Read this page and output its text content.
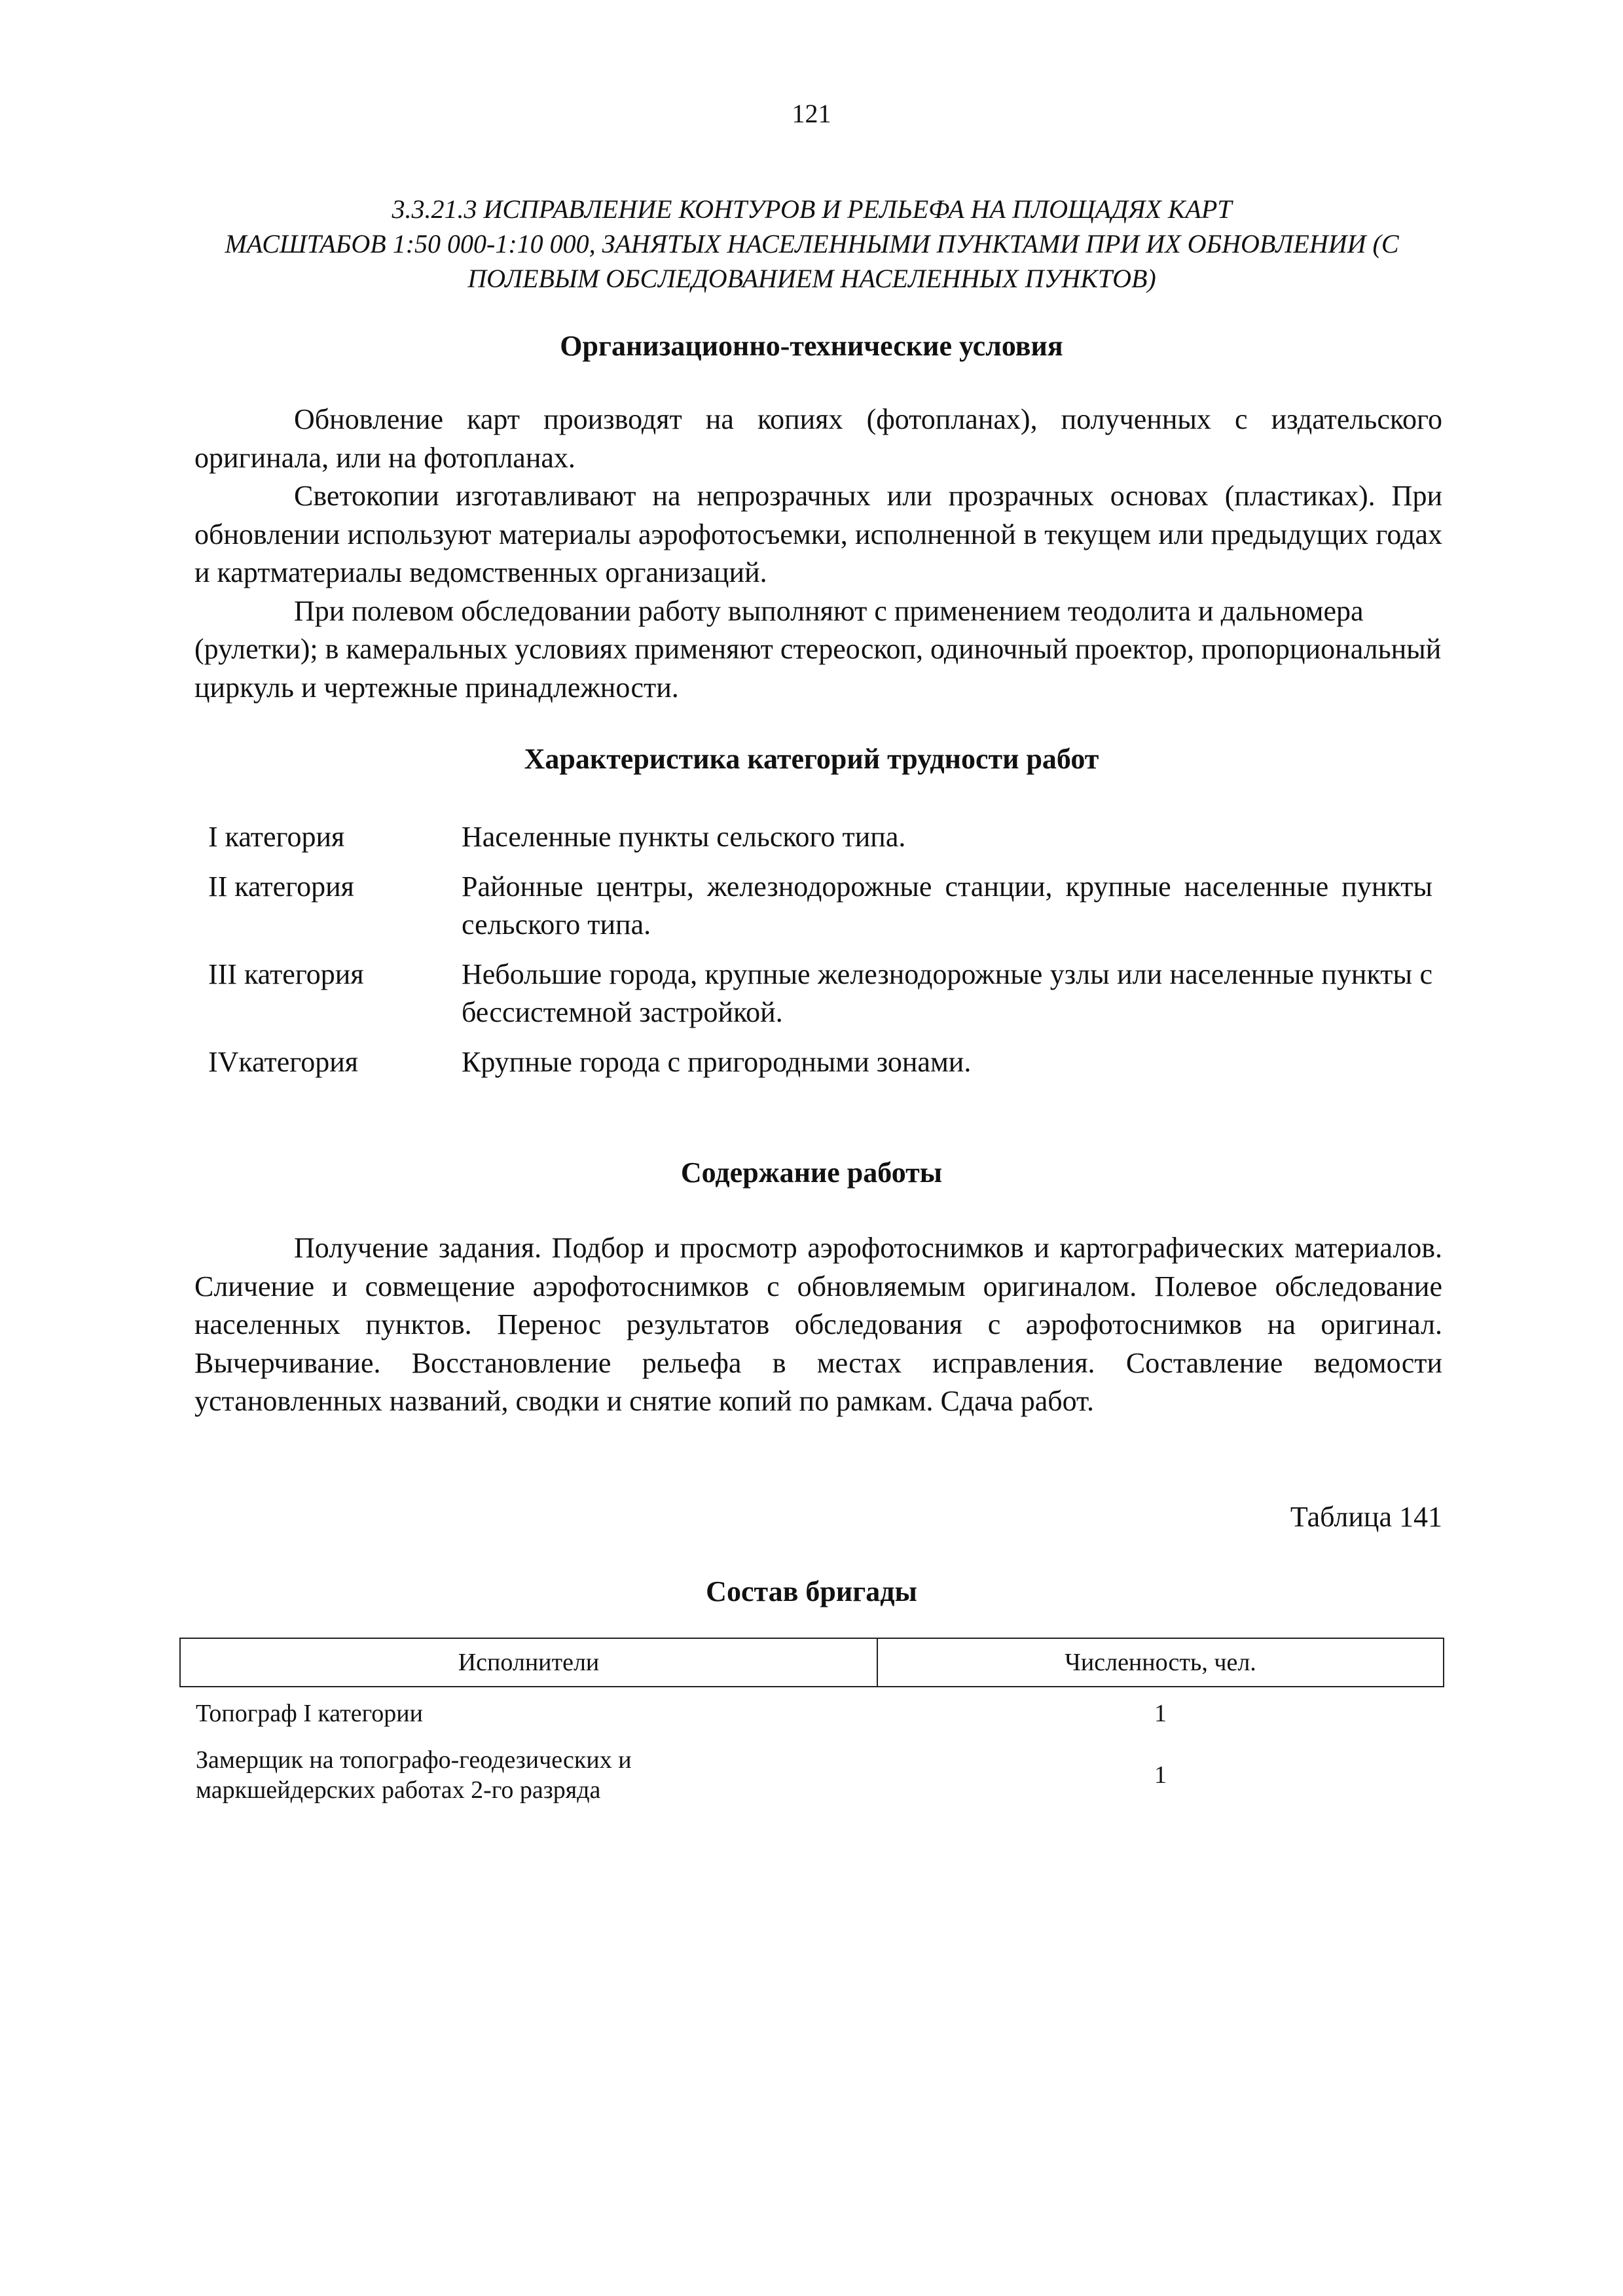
121
3.3.21.3 ИСПРАВЛЕНИЕ КОНТУРОВ И РЕЛЬЕФА НА ПЛОЩАДЯХ КАРТ
МАСШТАБОВ 1:50 000-1:10 000, ЗАНЯТЫХ НАСЕЛЕННЫМИ ПУНКТАМИ ПРИ ИХ ОБНОВЛЕНИИ (С
ПОЛЕВЫМ ОБСЛЕДОВАНИЕМ НАСЕЛЕННЫХ ПУНКТОВ)
Организационно-технические условия

Обновление карт производят на копиях (фотопланах), полученных с издательского оригинала, или на фотопланах.

Светокопии изготавливают на непрозрачных или прозрачных основах (пластиках). При обновлении используют материалы аэрофотосъемки, исполненной в текущем или предыдущих годах и картматериалы ведомственных организаций.

При полевом обследовании работу выполняют с применением теодолита и дальномера (рулетки); в камеральных условиях применяют стереоскоп, одиночный проектор, пропорциональный циркуль и чертежные принадлежности.

Характеристика категорий трудности работ
I категория	Населенные пункты сельского типа.
II категория	Районные центры, железнодорожные станции, крупные населенные пункты сельского типа.
III категория	Небольшие города, крупные железнодорожные узлы или населенные пункты с бессистемной застройкой.
IVкатегория	Крупные города с пригородными зонами.
Содержание работы

Получение задания. Подбор и просмотр аэрофотоснимков и картографических материалов. Сличение и совмещение аэрофотоснимков с обновляемым оригиналом. Полевое обследование населенных пунктов. Перенос результатов обследования с аэрофотоснимков на оригинал. Вычерчивание. Восстановление рельефа в местах исправления. Составление ведомости установленных названий, сводки и снятие копий по рамкам. Сдача работ.

Таблица 141
Состав бригады
Исполнители	Численность, чел.
Топограф I категории	1

Замерщик на топографо-геодезических и маркшейдерских работах 2-го разряда	1
